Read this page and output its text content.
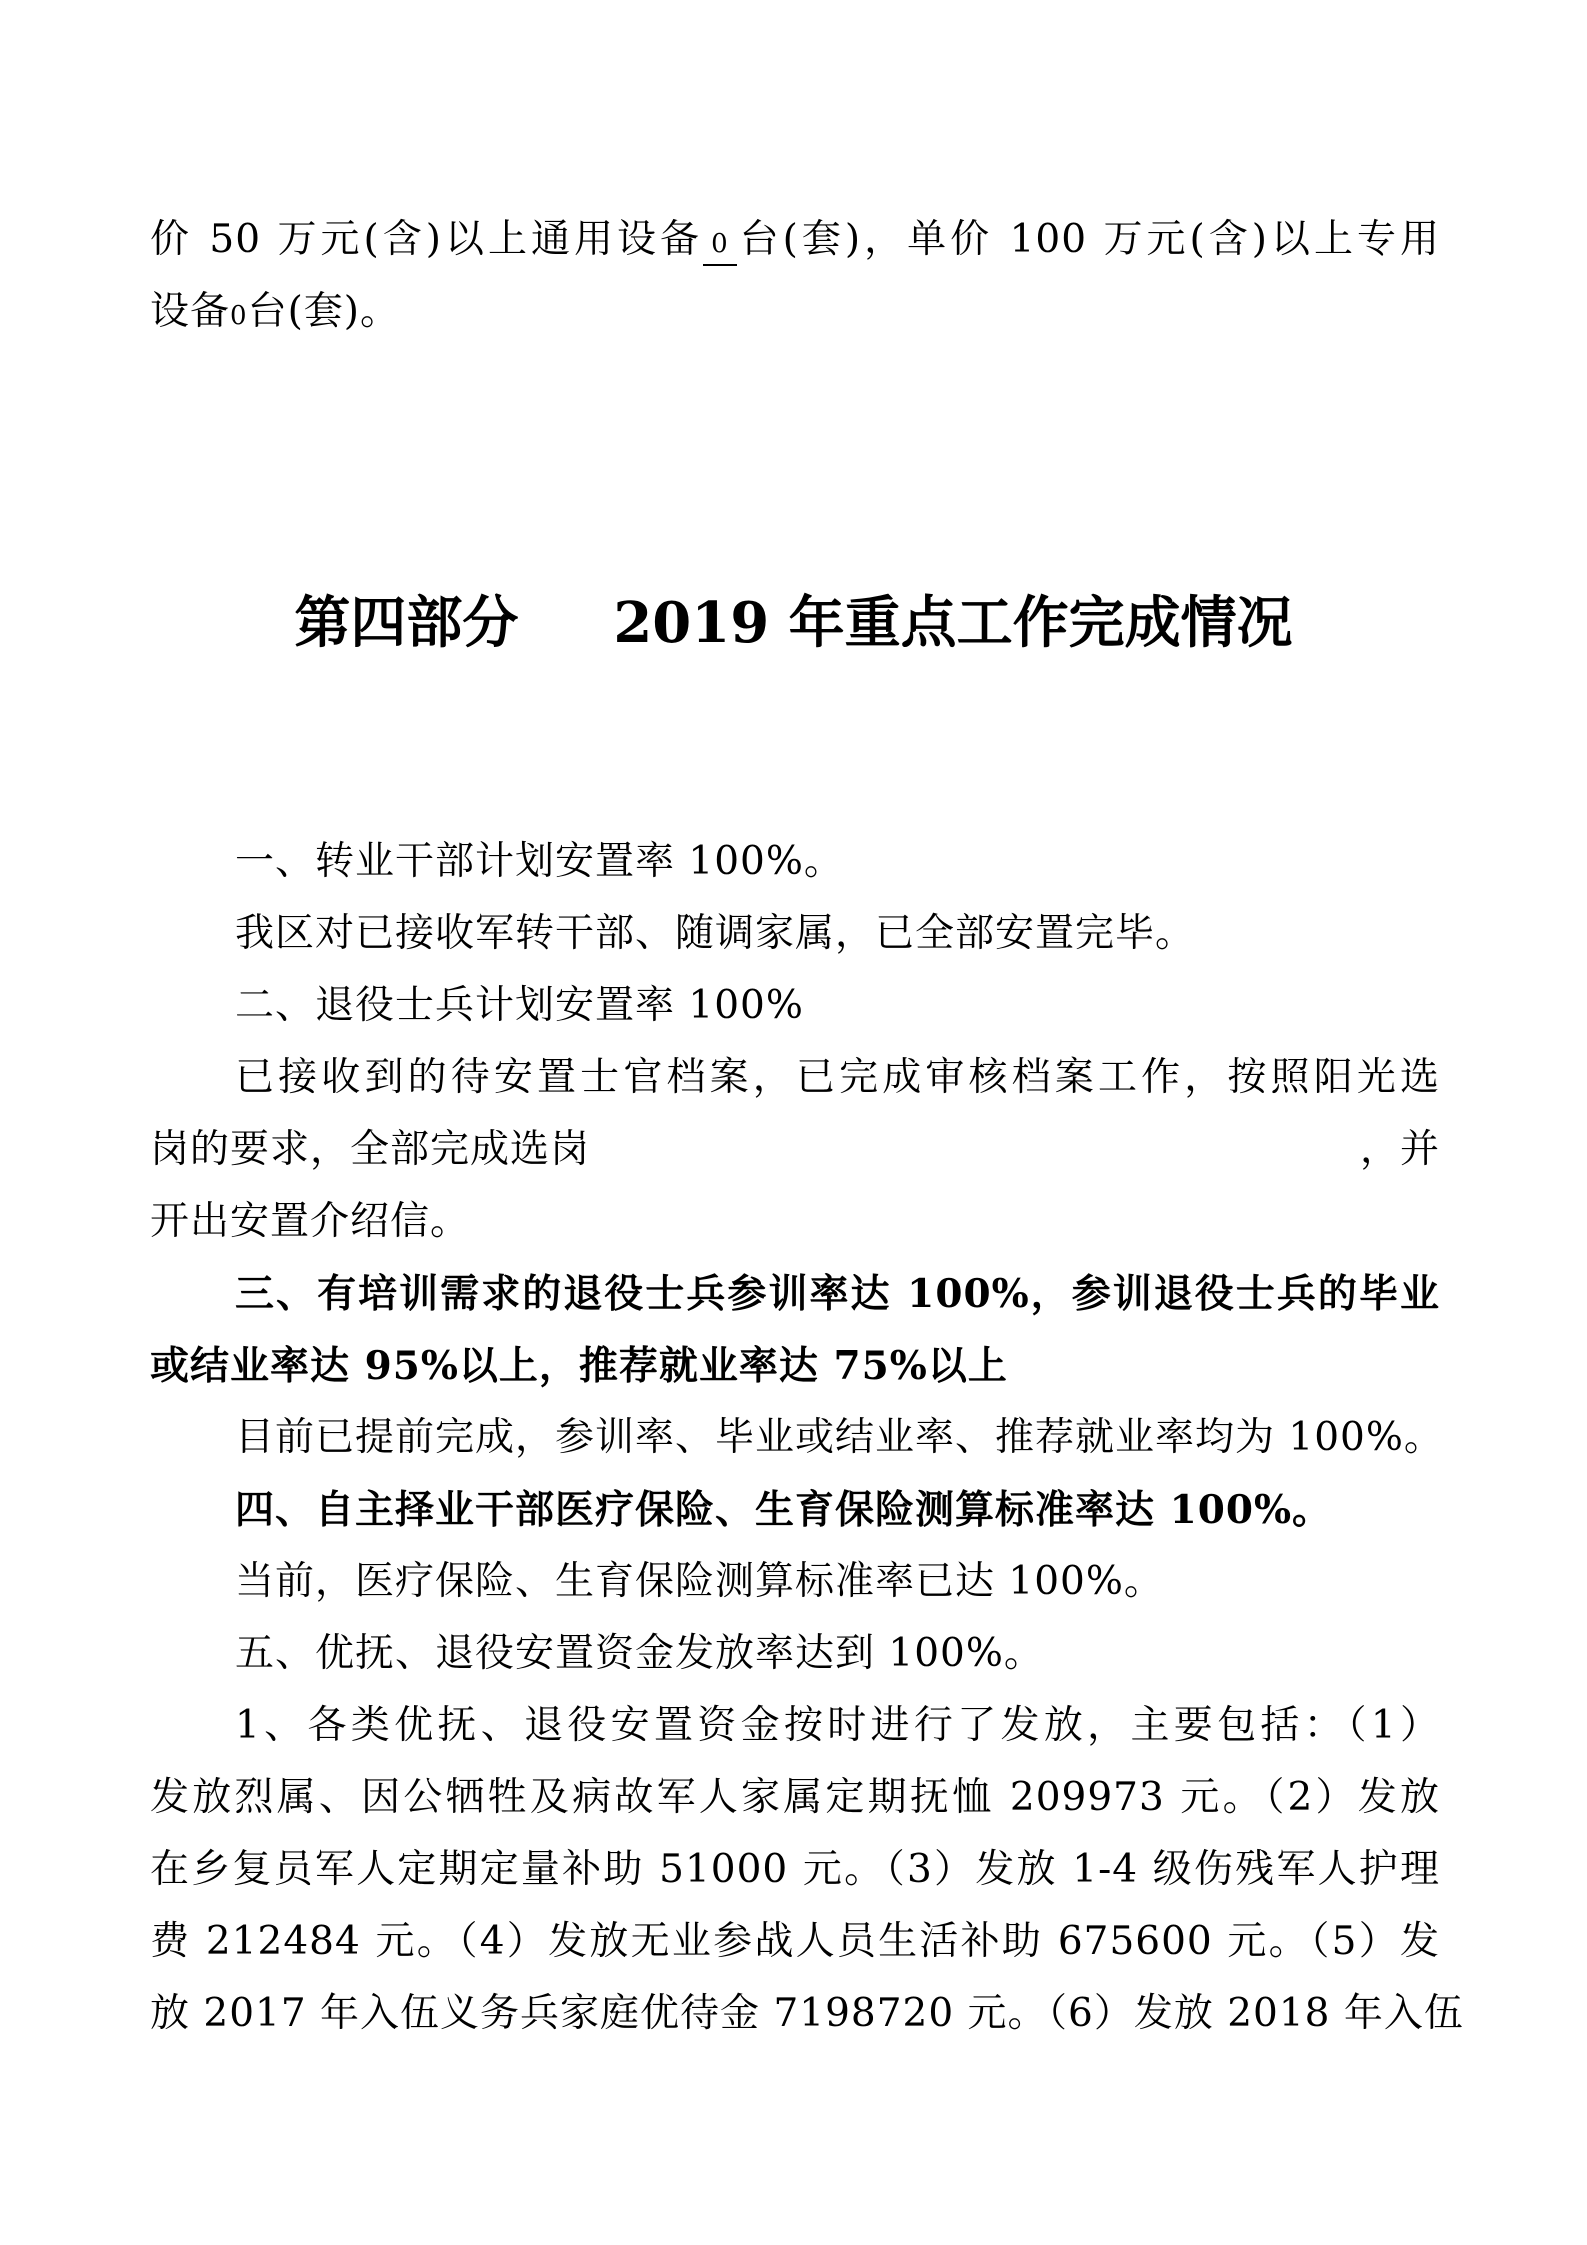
价 50 万元(含)以上通用设备 0 台(套)，单价 100 万元(含)以上专用
设备0台(套)。
第四部分 2019 年重点工作完成情况
一、转业干部计划安置率 100%。
我区对已接收军转干部、随调家属，已全部安置完毕。
二、退役士兵计划安置率 100%
已接收到的待安置士官档案，已完成审核档案工作，按照阳光选
岗的要求，全部完成选岗	，并
开出安置介绍信。
三、有培训需求的退役士兵参训率达 100%，参训退役士兵的毕业
或结业率达 95%以上，推荐就业率达 75%以上
目前已提前完成，参训率、毕业或结业率、推荐就业率均为 100%。
四、自主择业干部医疗保险、生育保险测算标准率达 100%。
当前，医疗保险、生育保险测算标准率已达 100%。
五、优抚、退役安置资金发放率达到 100%。
1、各类优抚、退役安置资金按时进行了发放，主要包括：（1）
发放烈属、因公牺牲及病故军人家属定期抚恤 209973 元。（2）发放
在乡复员军人定期定量补助 51000 元。（3）发放 1-4 级伤残军人护理
费 212484 元。（4）发放无业参战人员生活补助 675600 元。（5）发
放 2017 年入伍义务兵家庭优待金 7198720 元。（6）发放 2018 年入伍
